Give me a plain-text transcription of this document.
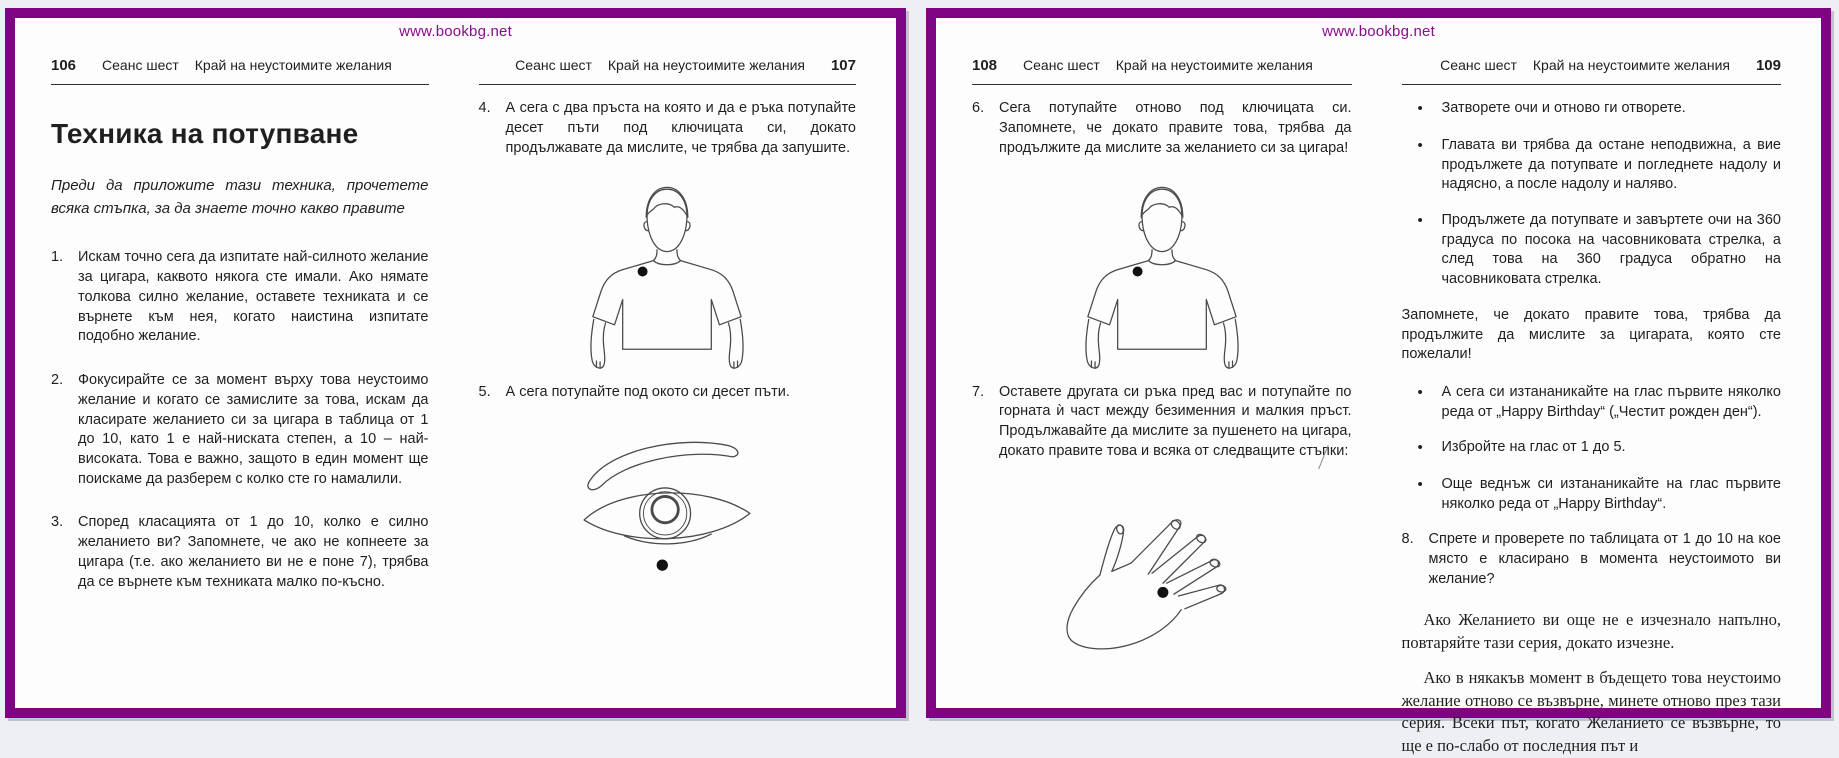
www.bookbg.net
106 Сеанс шест Край на неустоимите желания
Техника на потупване

Преди да приложите тази техника, прочетете всяка стъпка, за да знаете точно какво правите

1.	Искам точно сега да изпитате най-силното желание за цигара, каквото някога сте имали. Ако нямате толкова силно желание, оставете техниката и се върнете към нея, когато наистина изпитате подобно желание.
2.	Фокусирайте се за момент върху това неустоимо желание и когато се замислите за това, искам да класирате желанието си за цигара в таблица от 1 до 10, като 1 е най-ниската степен, а 10 – най-високата. Това е важно, защото в един момент ще поискаме да разберем с колко сте го намалили.
3.	Според класацията от 1 до 10, колко е силно желанието ви? Запомнете, че ако не копнеете за цигара (т.е. ако желанието ви не е поне 7), трябва да се върнете към техниката малко по-късно.
Сеанс шест Край на неустоимите желания 107
4.	А сега с два пръста на която и да е ръка потупайте десет пъти под ключицата си, докато продължавате да мислите, че трябва да запушите.
5.	А сега потупайте под окото си десет пъти.
www.bookbg.net
108 Сеанс шест Край на неустоимите желания
6.	Сега потупайте отново под ключицата си. Запомнете, че докато правите това, трябва да продължите да мислите за желанието си за цигара!
7.	Оставете другата си ръка пред вас и потупайте по горната ѝ част между безименния и малкия пръст. Продължавайте да мислите за пушенето на цигара, докато правите това и всяка от следващите стъпки:
Сеанс шест Край на неустоимите желания 109
•	Затворете очи и отново ги отворете.
•	Главата ви трябва да остане неподвижна, а вие продължете да потупвате и погледнете надолу и надясно, а после надолу и наляво.
•	Продължете да потупвате и завъртете очи на 360 градуса по посока на часовниковата стрелка, а след това на 360 градуса обратно на часовниковата стрелка.

Запомнете, че докато правите това, трябва да продължите да мислите за цигарата, която сте пожелали!

•	А сега си изтананикайте на глас първите няколко реда от „Happy Birthday“ („Честит рожден ден“).
•	Избройте на глас от 1 до 5.
•	Още веднъж си изтананикайте на глас първите няколко реда от „Happy Birthday“.
8.	Спрете и проверете по таблицата от 1 до 10 на кое място е класирано в момента неустоимото ви желание?

Ако Желанието ви още не е изчезнало напълно, повтаряйте тази серия, докато изчезне.

Ако в някакъв момент в бъдещето това неустоимо желание отново се възвърне, минете отново през тази серия. Всеки път, когато Желанието се възвърне, то ще е по-слабо от последния път и
